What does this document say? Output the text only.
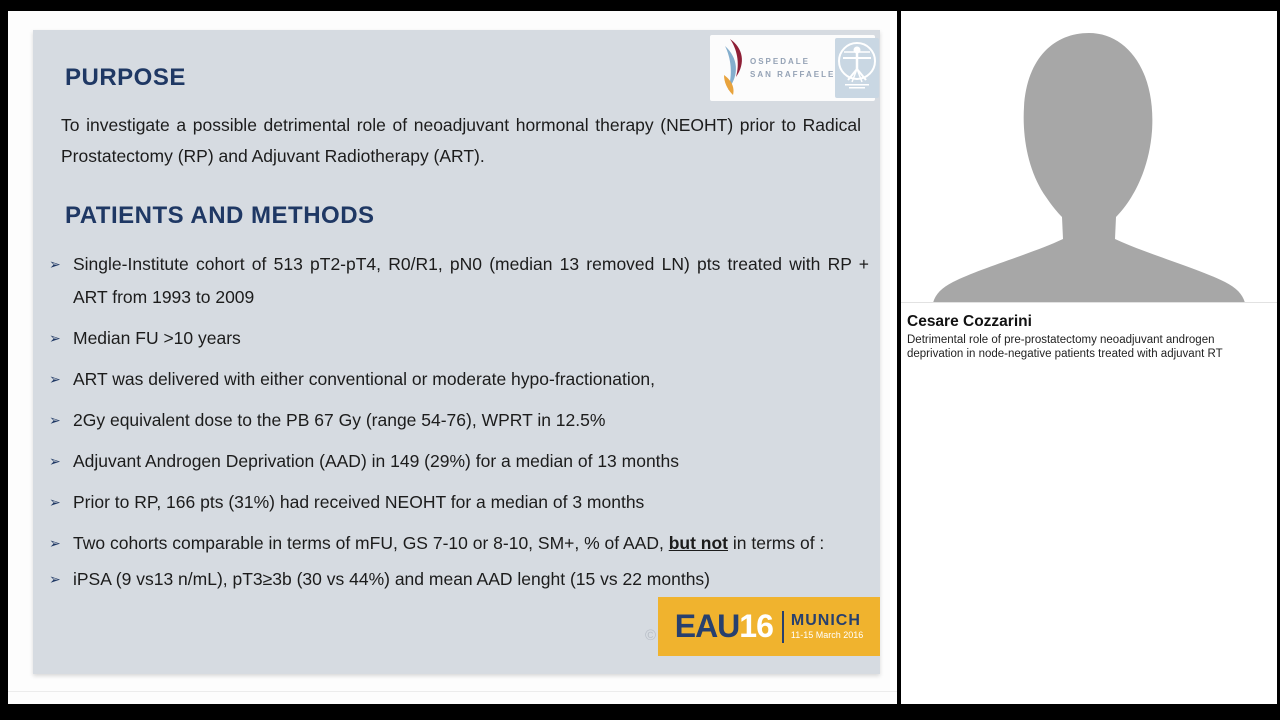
OSPEDALE
SAN RAFFAELE
PURPOSE
To investigate a possible detrimental role of neoadjuvant hormonal therapy (NEOHT) prior to Radical Prostatectomy (RP) and Adjuvant Radiotherapy (ART).
PATIENTS AND METHODS
➢ Single-Institute cohort of 513 pT2-pT4, R0/R1, pN0 (median 13 removed LN) pts treated with RP + ART from 1993 to 2009
➢ Median FU >10 years
➢ ART was delivered with either conventional or moderate hypo-fractionation,
➢ 2Gy equivalent dose to the PB 67 Gy (range 54-76), WPRT in 12.5%
➢ Adjuvant Androgen Deprivation (AAD) in 149 (29%) for a median of 13 months
➢ Prior to RP, 166 pts (31%) had received NEOHT for a median of 3 months
➢ Two cohorts comparable in terms of mFU, GS 7-10 or 8-10, SM+, % of AAD, but not in terms of :
➢ iPSA (9 vs13 n/mL), pT3≥3b (30 vs 44%) and mean AAD lenght (15 vs 22 months)
© EAU 16 MUNICH
11-15 March 2016
Cesare Cozzarini
Detrimental role of pre-prostatectomy neoadjuvant androgen deprivation in node-negative patients treated with adjuvant RT
